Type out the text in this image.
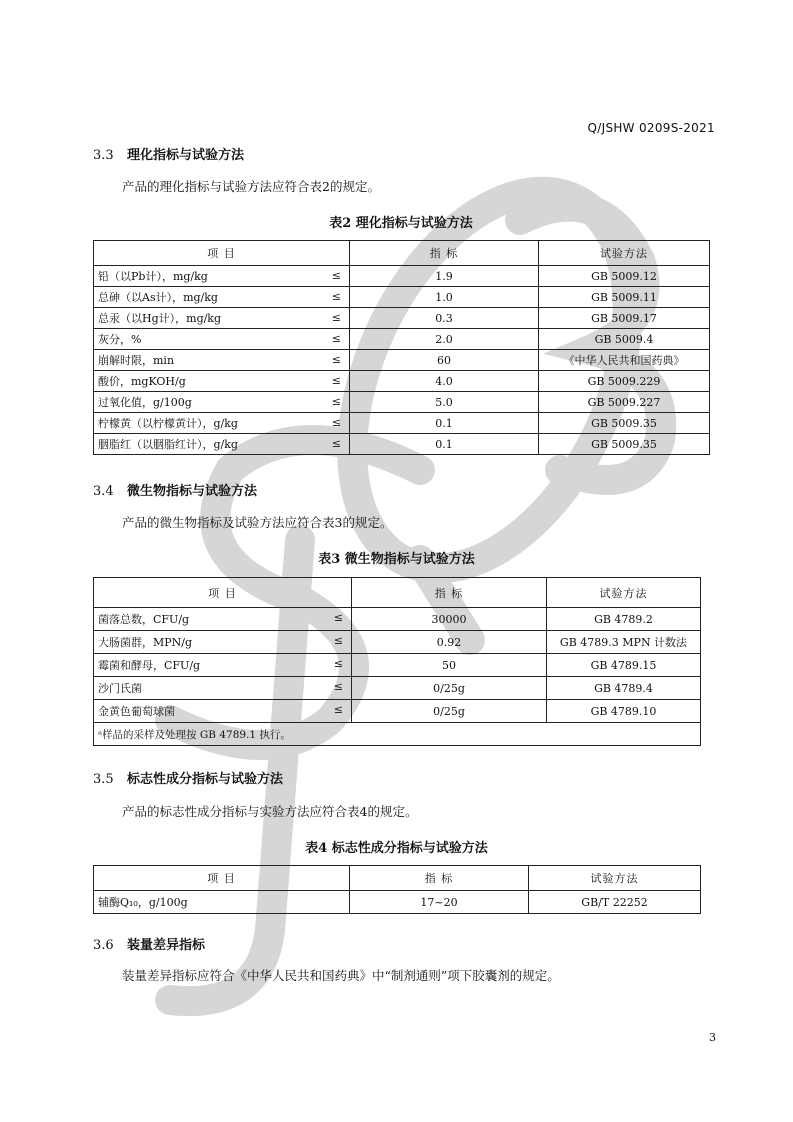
Q/JSHW 0209S-2021
3.3 理化指标与试验方法
产品的理化指标与试验方法应符合表2的规定。
表2 理化指标与试验方法
项 目	指 标	试验方法
铅（以Pb计），mg/kg ≤	1.9	GB 5009.12
总砷（以As计），mg/kg ≤	1.0	GB 5009.11
总汞（以Hg计），mg/kg ≤	0.3	GB 5009.17
灰分，% ≤	2.0	GB 5009.4
崩解时限，min ≤	60	《中华人民共和国药典》
酸价，mgKOH/g ≤	4.0	GB 5009.229
过氧化值，g/100g ≤	5.0	GB 5009.227
柠檬黄（以柠檬黄计），g/kg ≤	0.1	GB 5009.35
胭脂红（以胭脂红计），g/kg ≤	0.1	GB 5009.35
3.4 微生物指标与试验方法
产品的微生物指标及试验方法应符合表3的规定。
表3 微生物指标与试验方法
项 目	指 标	试验方法
菌落总数，CFU/g ≤	30000	GB 4789.2
大肠菌群，MPN/g ≤	0.92	GB 4789.3 MPN 计数法
霉菌和酵母，CFU/g ≤	50	GB 4789.15
沙门氏菌 ≤	0/25g	GB 4789.4
金黄色葡萄球菌 ≤	0/25g	GB 4789.10
ᵃ样品的采样及处理按 GB 4789.1 执行。		
3.5 标志性成分指标与试验方法
产品的标志性成分指标与实验方法应符合表4的规定。
表4 标志性成分指标与试验方法
项 目	指 标	试验方法
辅酶Q₁₀，g/100g	17~20	GB/T 22252
3.6 装量差异指标
装量差异指标应符合《中华人民共和国药典》中“制剂通则”项下胶囊剂的规定。
3
